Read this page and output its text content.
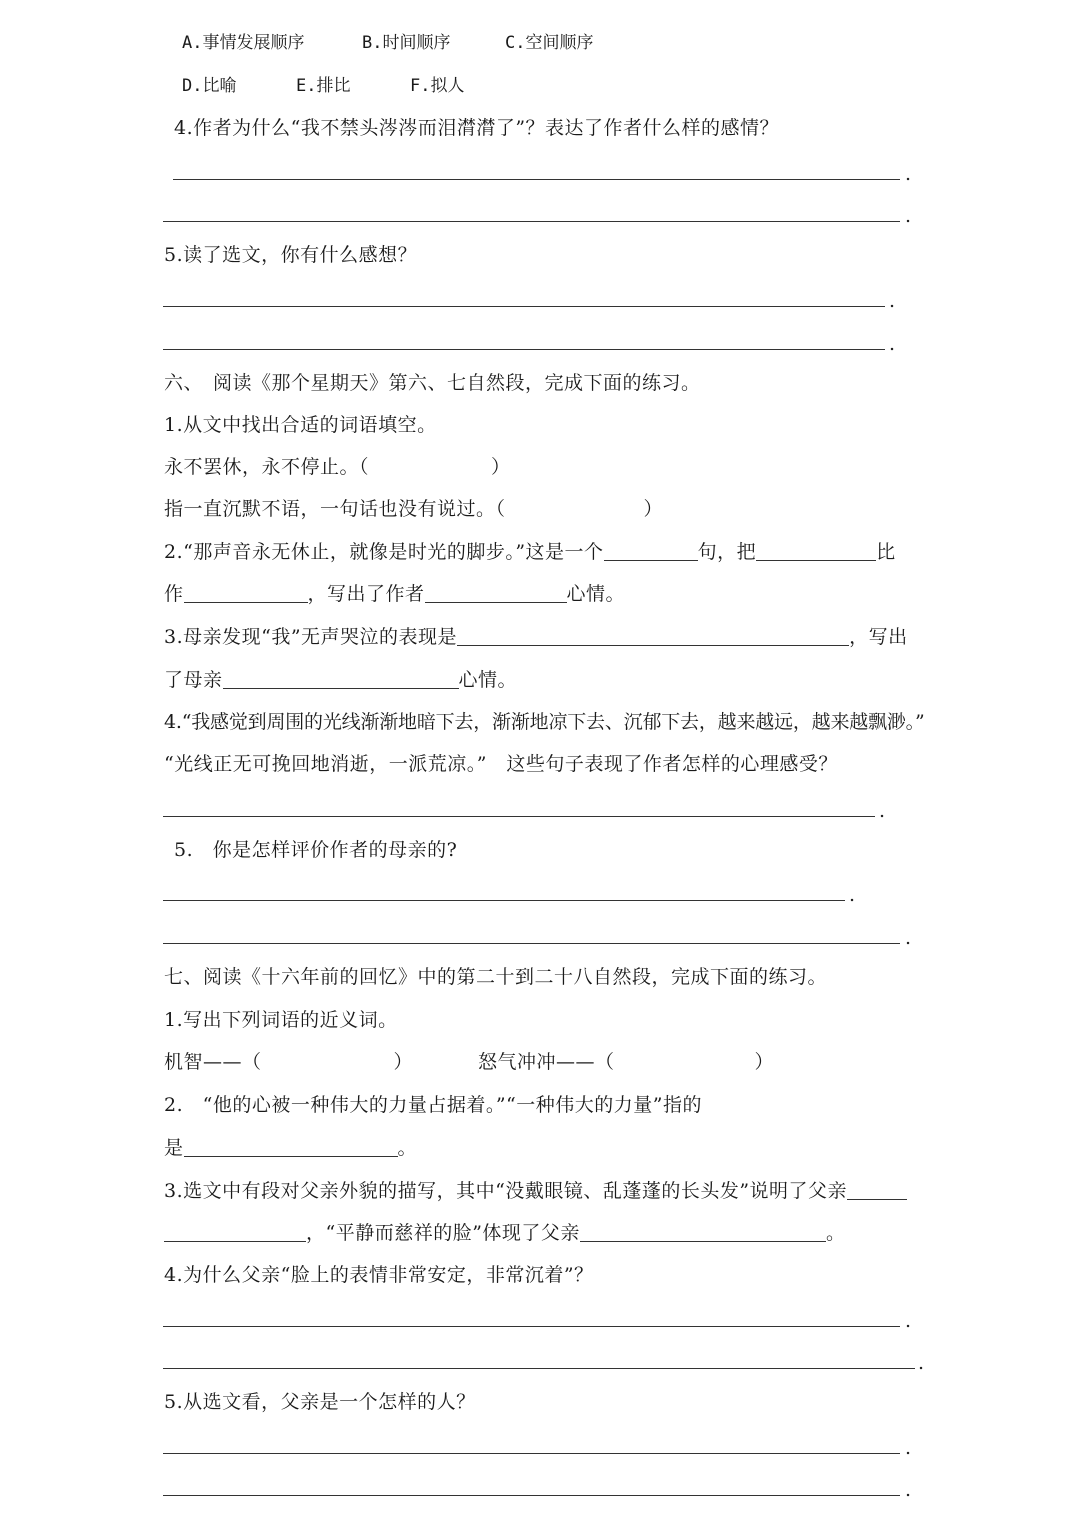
A.事情发展顺序	B.时间顺序	C.空间顺序
D.比喻	E.排比	F.拟人
4.作者为什么“我不禁头涔涔而泪潸潸了”？表达了作者什么样的感情？
.
.
5.读了选文，你有什么感想？
.
.
六、　阅读《那个星期天》第六、七自然段，完成下面的练习。
1.从文中找出合适的词语填空。
永不罢休，永不停止。（	）
指一直沉默不语，一句话也没有说过。（	）
2.“那声音永无休止，就像是时光的脚步。”这是一个	句，把	比
作	，写出了作者	心情。
3.母亲发现“我”无声哭泣的表现是	，写出
了母亲	心情。
4.“我感觉到周围的光线渐渐地暗下去，渐渐地凉下去、沉郁下去，越来越远，越来越飘渺。”
“光线正无可挽回地消逝，一派荒凉。”　这些句子表现了作者怎样的心理感受？
.
5.　你是怎样评价作者的母亲的?
.
.
七、阅读《十六年前的回忆》中的第二十到二十八自然段，完成下面的练习。
1.写出下列词语的近义词。
机智——（	）	怒气冲冲——（	）
2.　“他的心被一种伟大的力量占据着。”“一种伟大的力量”指的
是	。
3.选文中有段对父亲外貌的描写，其中“没戴眼镜、乱蓬蓬的长头发”说明了父亲
，“平静而慈祥的脸”体现了父亲	。
4.为什么父亲“脸上的表情非常安定，非常沉着”？
.
.
5.从选文看，父亲是一个怎样的人？
.
.
